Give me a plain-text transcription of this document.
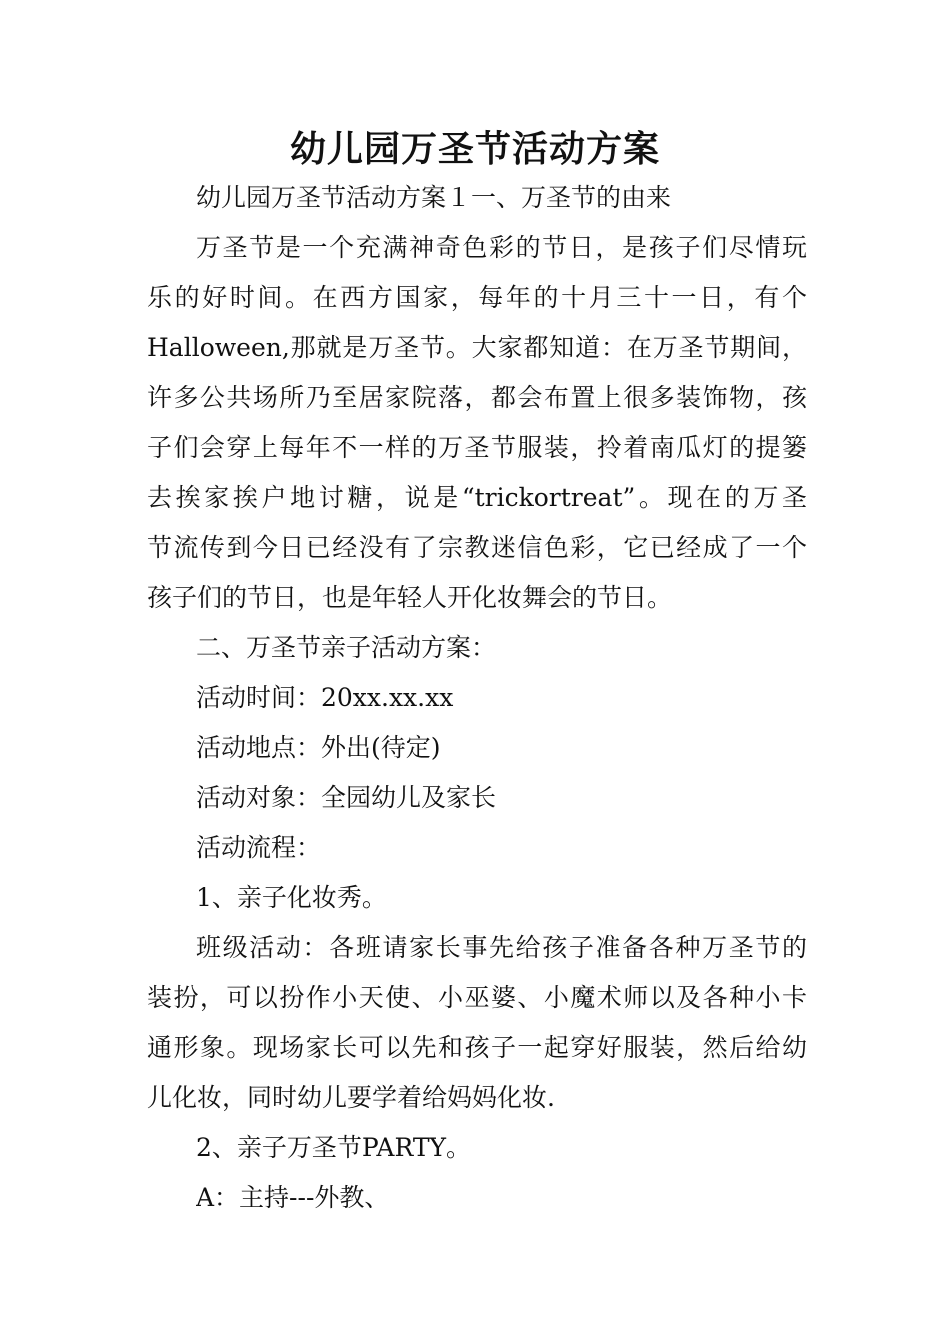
幼儿园万圣节活动方案
幼儿园万圣节活动方案１一、万圣节的由来
万圣节是一个充满神奇色彩的节日，是孩子们尽情玩
乐的好时间。在西方国家，每年的十月三十一日，有个
Halloween,那就是万圣节。大家都知道：在万圣节期间，
许多公共场所乃至居家院落，都会布置上很多装饰物，孩
子们会穿上每年不一样的万圣节服装，拎着南瓜灯的提篓
去挨家挨户地讨糖，说是“trickortreat”。现在的万圣
节流传到今日已经没有了宗教迷信色彩，它已经成了一个
孩子们的节日，也是年轻人开化妆舞会的节日。
二、万圣节亲子活动方案：
活动时间：20xx.xx.xx
活动地点：外出(待定)
活动对象：全园幼儿及家长
活动流程：
1、亲子化妆秀。
班级活动：各班请家长事先给孩子准备各种万圣节的
装扮，可以扮作小天使、小巫婆、小魔术师以及各种小卡
通形象。现场家长可以先和孩子一起穿好服装，然后给幼
儿化妆，同时幼儿要学着给妈妈化妆.
2、亲子万圣节PARTY。
A：主持---外教、
